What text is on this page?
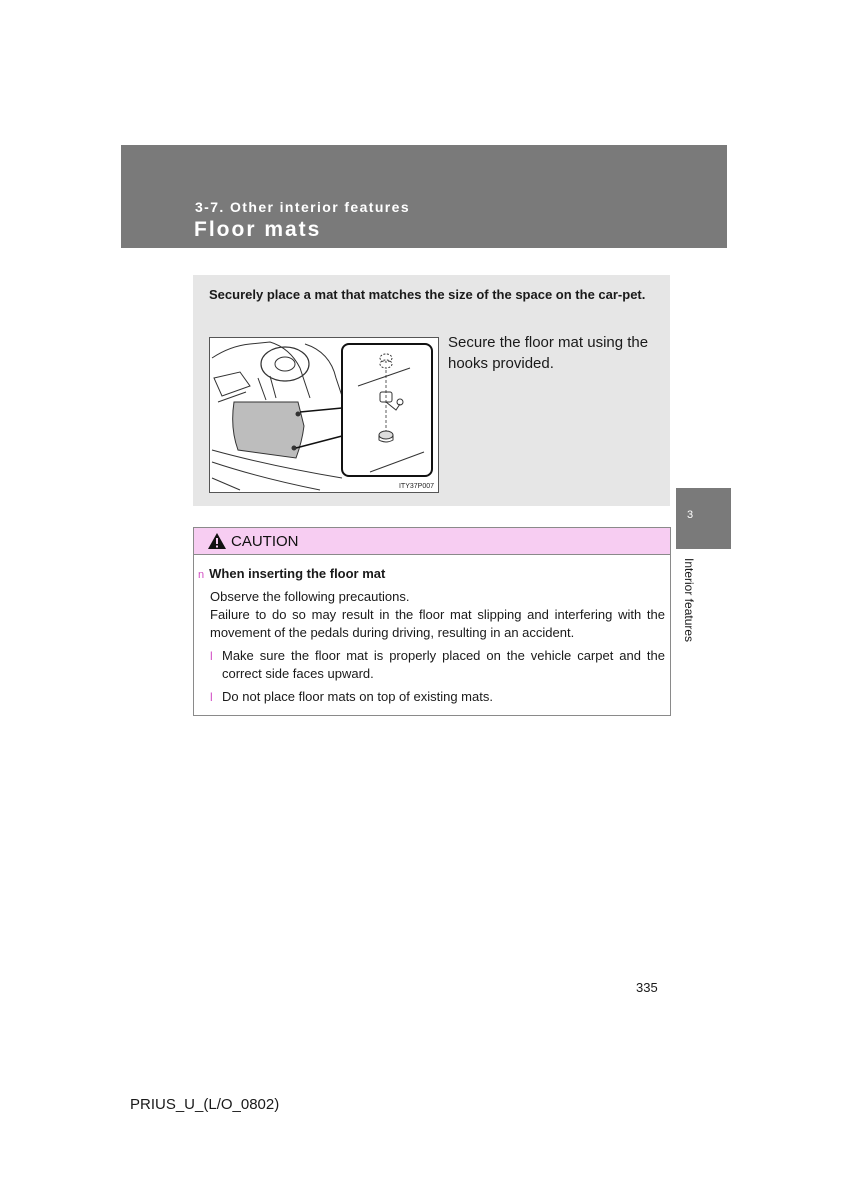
3-7. Other interior features
Floor mats
Securely place a mat that matches the size of the space on the car-pet.
ITY37P007
Secure the floor mat using the hooks provided.
CAUTION
n When inserting the floor mat

Observe the following precautions.

Failure to do so may result in the floor mat slipping and interfering with the movement of the pedals during driving, resulting in an accident.

l Make sure the floor mat is properly placed on the vehicle carpet and the correct side faces upward.
l Do not place floor mats on top of existing mats.
3
Interior features
335
PRIUS_U_(L/O_0802)
